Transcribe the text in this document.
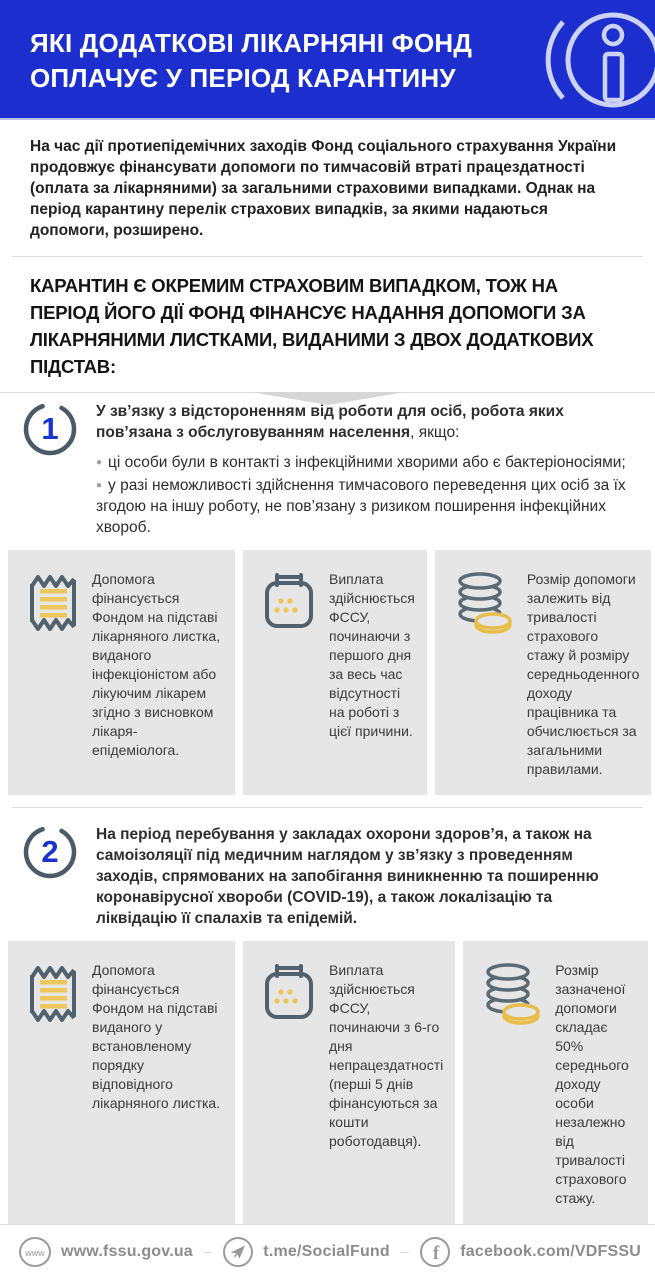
ЯКІ ДОДАТКОВІ ЛІКАРНЯНІ ФОНД
ОПЛАЧУЄ У ПЕРІОД КАРАНТИНУ

На час дії протиепідемічних заходів Фонд соціального страхування України продовжує фінансувати допомоги по тимчасовій втраті працездатності (оплата за лікарняними) за загальними страховими випадками. Однак на період карантину перелік страхових випадків, за якими надаються допомоги, розширено.

КАРАНТИН Є ОКРЕМИМ СТРАХОВИМ ВИПАДКОМ, ТОЖ НА ПЕРІОД ЙОГО ДІЇ ФОНД ФІНАНСУЄ НАДАННЯ ДОПОМОГИ ЗА ЛІКАРНЯНИМИ ЛИСТКАМИ, ВИДАНИМИ З ДВОХ ДОДАТКОВИХ ПІДСТАВ:

1	У зв’язку з відстороненням від роботи для осіб, робота яких пов’язана з обслуговуванням населення, якщо:

● ці особи були в контакті з інфекційними хворими або є бактеріоносіями;

● у разі неможливості здійснення тимчасового переведення цих осіб за їх згодою на іншу роботу, не пов’язану з ризиком поширення інфекційних хвороб.

Допомога фінансується Фондом на підставі лікарняного листка, виданого інфекціоністом або лікуючим лікарем згідно з висновком лікаря-епідеміолога.

Виплата здійснюється ФССУ, починаючи з першого дня за весь час відсутності на роботі з цієї причини.

Розмір допомоги залежить від тривалості страхового стажу й розміру середньоденного доходу працівника та обчислюється за загальними правилами.

2	На період перебування у закладах охорони здоров’я, а також на самоізоляції під медичним наглядом у зв’язку з проведенням заходів, спрямованих на запобігання виникненню та поширенню коронавірусної хвороби (COVID-19), а також локалізацію та ліквідацію її спалахів та епідемій.

Допомога фінансується Фондом на підставі виданого у встановленому порядку відповідного лікарняного листка.

Виплата здійснюється ФССУ, починаючи з 6-го дня непрацездатності (перші 5 днів фінансуються за кошти роботодавця).

Розмір зазначеної допомоги складає 50% середнього доходу особи незалежно від тривалості страхового стажу.

www www.fssu.gov.ua	t.me/SocialFund f facebook.com/VDFSSU
